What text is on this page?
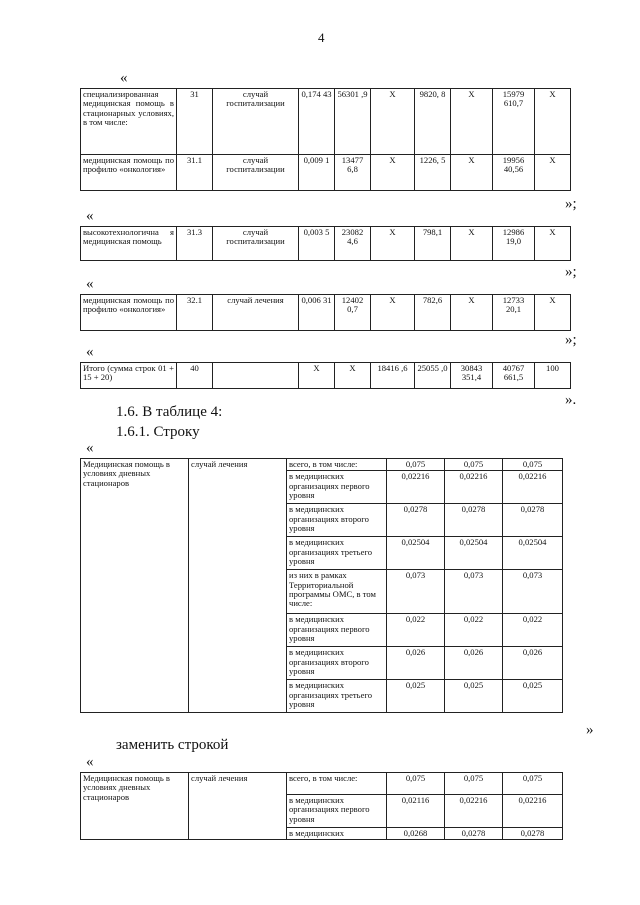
4
«
специализированная медицинская помощь в стационарных условиях, в том числе:	31	случай госпитализации	0,174 43	56301 ,9	X	9820, 8	X	15979 610,7	X
медицинская помощь по профилю «онкология»	31.1	случай госпитализации	0,009 1	13477 6,8	X	1226, 5	X	19956 40,56	X
»;
«
высокотехнологична я медицинская помощь	31.3	случай госпитализации	0,003 5	23082 4,6	X	798,1	X	12986 19,0	X
»;
«
медицинская помощь по профилю «онкология»	32.1	случай лечения	0,006 31	12402 0,7	X	782,6	X	12733 20,1	X
»;
«
Итого (сумма строк 01 + 15 + 20)	40		X	X	18416 ,6	25055 ,0	30843 351,4	40767 661,5	100
».
1.6. В таблице 4:
1.6.1. Строку
«
Медицинская помощь в условиях дневных стационаров	случай лечения	всего, в том числе:	0,075	0,075	0,075
		в медицинских организациях первого уровня	0,02216	0,02216	0,02216
		в медицинских организациях второго уровня	0,0278	0,0278	0,0278
		в медицинских организациях третьего уровня	0,02504	0,02504	0,02504
		из них в рамках Территориальной программы ОМС, в том числе:	0,073	0,073	0,073
		в медицинских организациях первого уровня	0,022	0,022	0,022
		в медицинских организациях второго уровня	0,026	0,026	0,026
		в медицинских организациях третьего уровня	0,025	0,025	0,025
»
заменить строкой
«
Медицинская помощь в условиях дневных стационаров	случай лечения	всего, в том числе:	0,075	0,075	0,075
		в медицинских организациях первого уровня	0,02116	0,02216	0,02216
		в медицинских	0,0268	0,0278	0,0278
